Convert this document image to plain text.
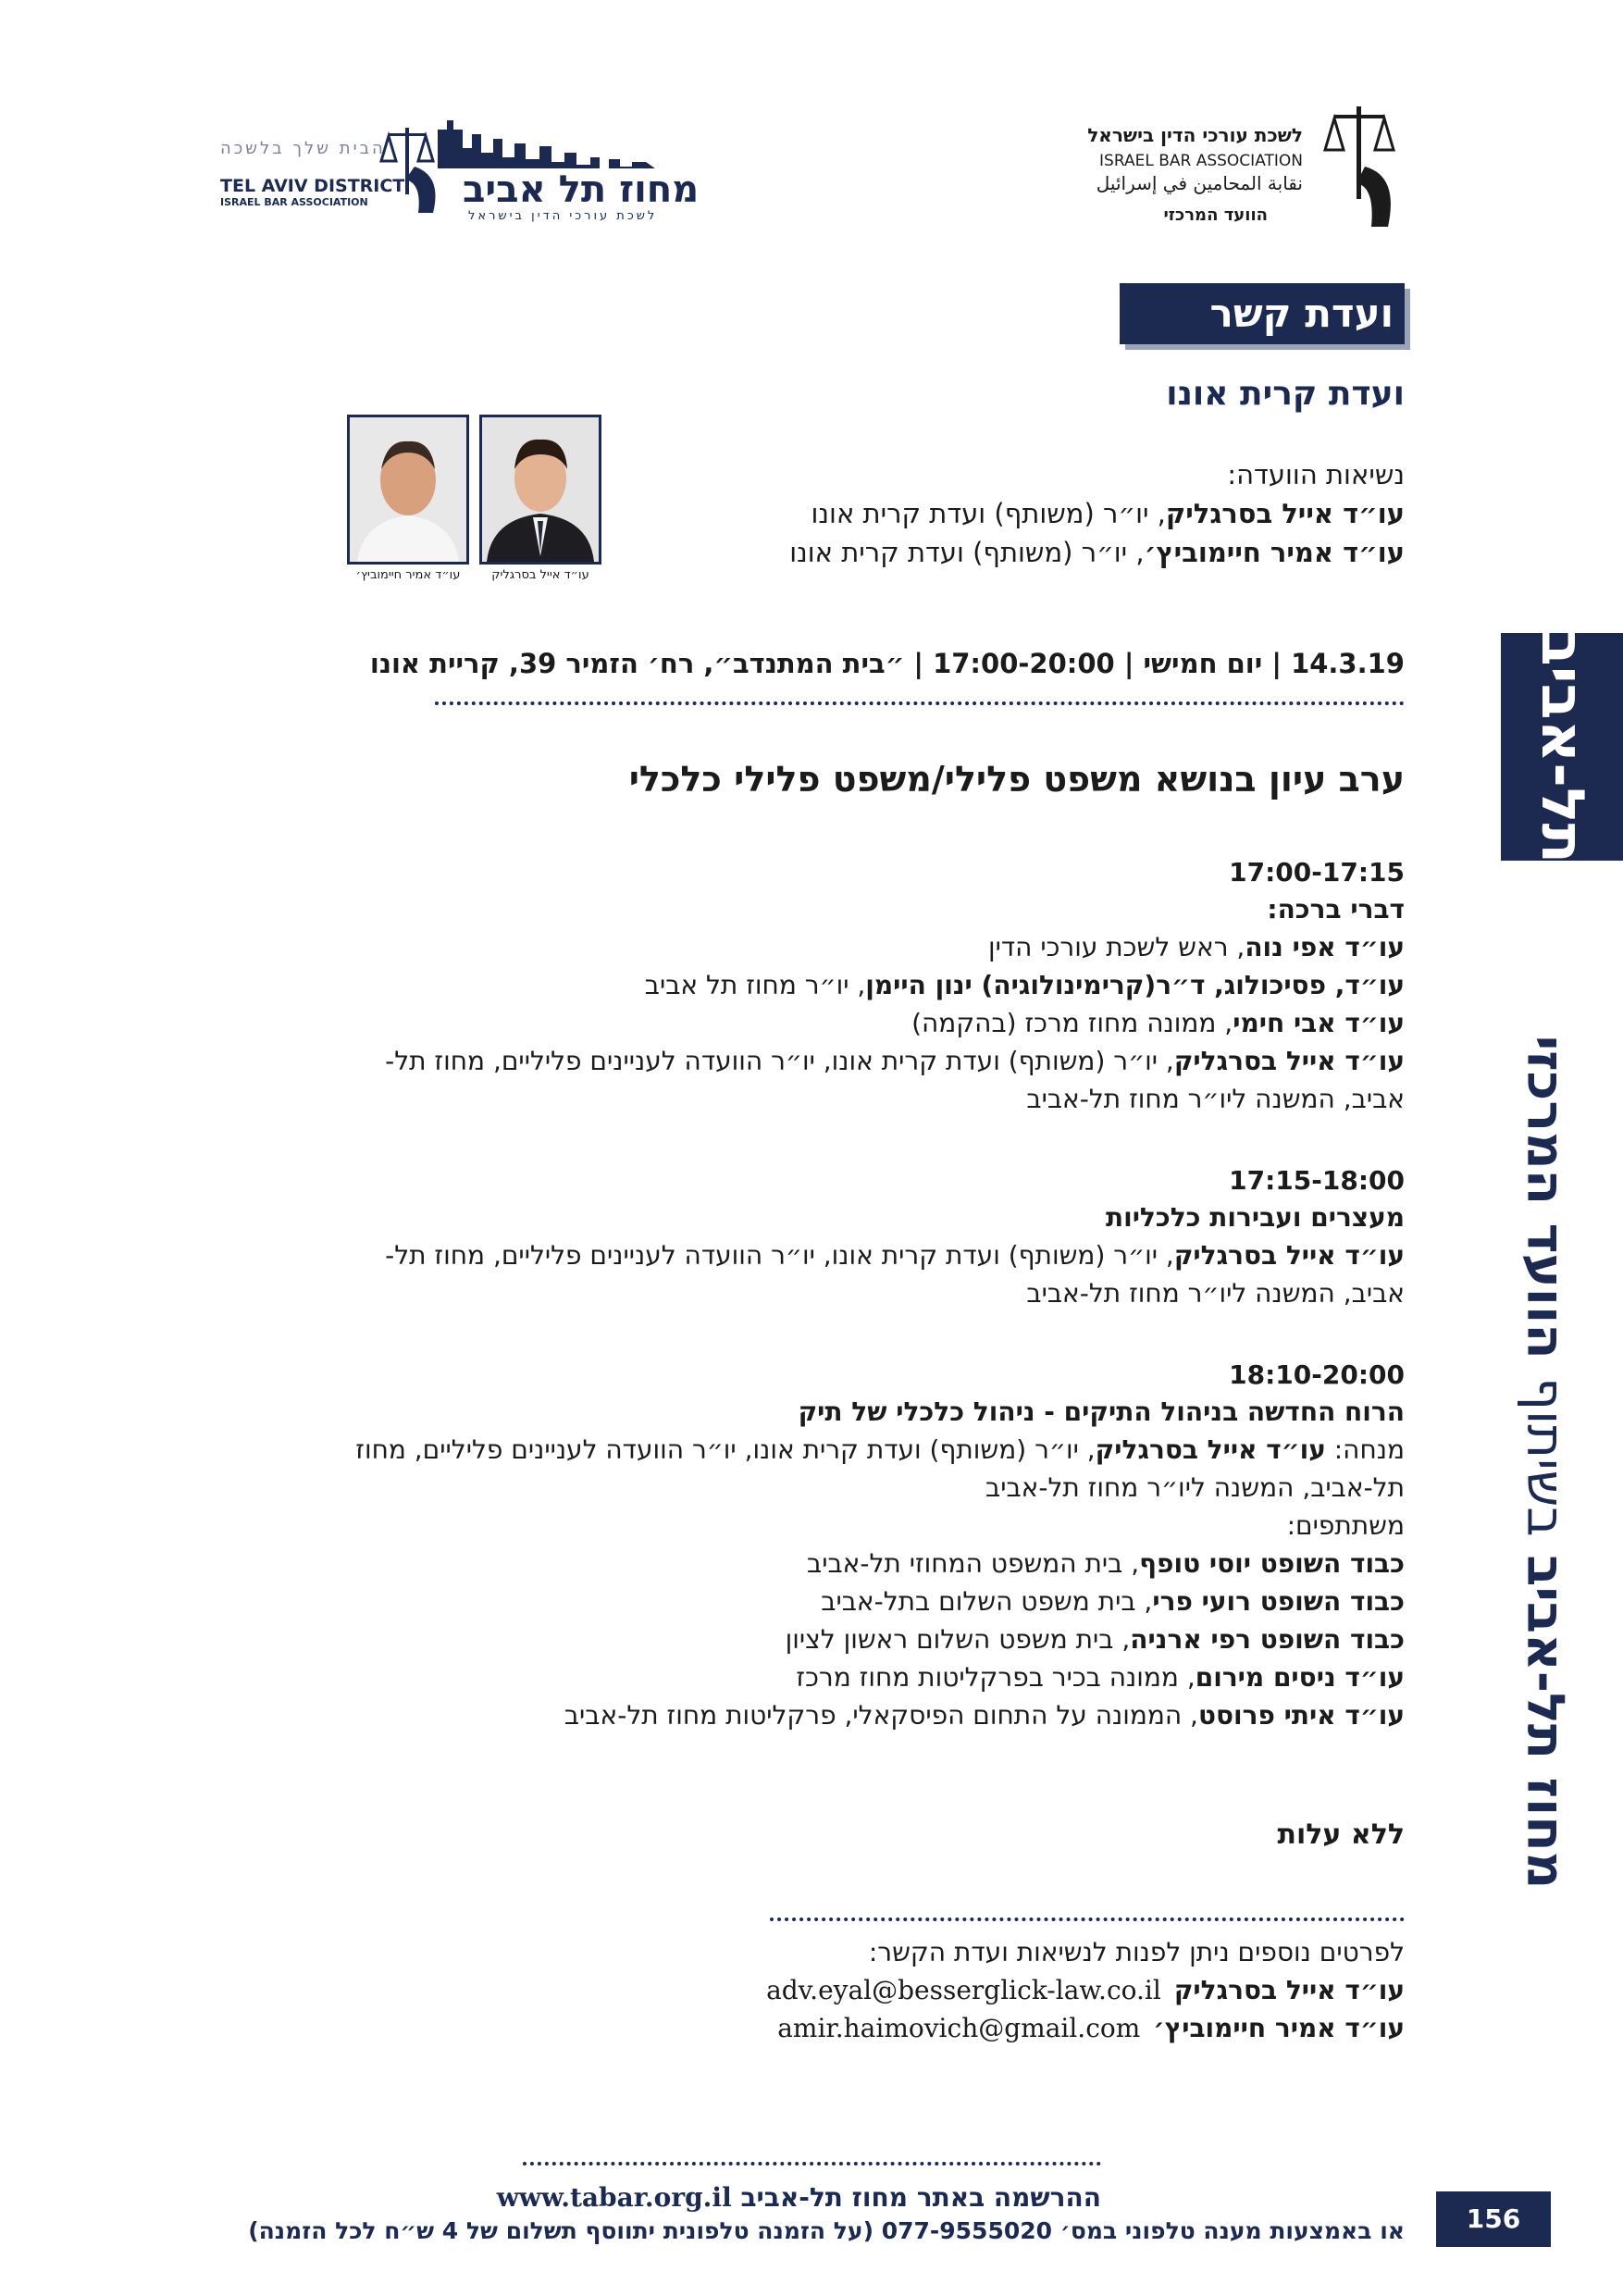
הבית שלך בלשכה
TEL AVIV DISTRICT
ISRAEL BAR ASSOCIATION	מחוז תל אביב
לשכת עורכי הדין בישראל
לשכת עורכי הדין בישראל
ISRAEL BAR ASSOCIATION
نقابة المحامين في إسرائيل
הוועד המרכזי
ועדת קשר
ועדת קרית אונו
נשיאות הוועדה:
עו״ד אייל בסרגליק, יו״ר (משותף) ועדת קרית אונו
עו״ד אמיר חיימוביץ׳, יו״ר (משותף) ועדת קרית אונו
עו״ד אייל בסרגליק
עו״ד אמיר חיימוביץ׳
14.3.19 | יום חמישי | 17:00-20:00 | ״בית המתנדב״, רח׳ הזמיר 39, קריית אונו
ערב עיון בנושא משפט פלילי/משפט פלילי כלכלי
17:00-17:15
דברי ברכה:
עו״ד אפי נוה, ראש לשכת עורכי הדין
עו״ד, פסיכולוג, ד״ר(קרימינולוגיה) ינון היימן, יו״ר מחוז תל אביב
עו״ד אבי חימי, ממונה מחוז מרכז (בהקמה)
עו״ד אייל בסרגליק, יו״ר (משותף) ועדת קרית אונו, יו״ר הוועדה לעניינים פליליים, מחוז תל-
אביב, המשנה ליו״ר מחוז תל-אביב
17:15-18:00
מעצרים ועבירות כלכליות
עו״ד אייל בסרגליק, יו״ר (משותף) ועדת קרית אונו, יו״ר הוועדה לעניינים פליליים, מחוז תל-
אביב, המשנה ליו״ר מחוז תל-אביב
18:10-20:00
הרוח החדשה בניהול התיקים - ניהול כלכלי של תיק
מנחה: עו״ד אייל בסרגליק, יו״ר (משותף) ועדת קרית אונו, יו״ר הוועדה לעניינים פליליים, מחוז
תל-אביב, המשנה ליו״ר מחוז תל-אביב
משתתפים:
כבוד השופט יוסי טופף, בית המשפט המחוזי תל-אביב
כבוד השופט רועי פרי, בית משפט השלום בתל-אביב
כבוד השופט רפי ארניה, בית משפט השלום ראשון לציון
עו״ד ניסים מירום, ממונה בכיר בפרקליטות מחוז מרכז
עו״ד איתי פרוסט, הממונה על התחום הפיסקאלי, פרקליטות מחוז תל-אביב
ללא עלות
לפרטים נוספים ניתן לפנות לנשיאות ועדת הקשר:
עו״ד אייל בסרגליקadv.eyal@besserglick-law.co.il
עו״ד אמיר חיימוביץ׳amir.haimovich@gmail.com
ההרשמה באתר מחוז תל-אביב www.tabar.org.il
או באמצעות מענה טלפוני במס׳ 077-9555020 (על הזמנה טלפונית יתווסף תשלום של 4 ש״ח לכל הזמנה)	156
תל-אביב
מחוז תל-אביב בשיתוף הוועד המרכזי
